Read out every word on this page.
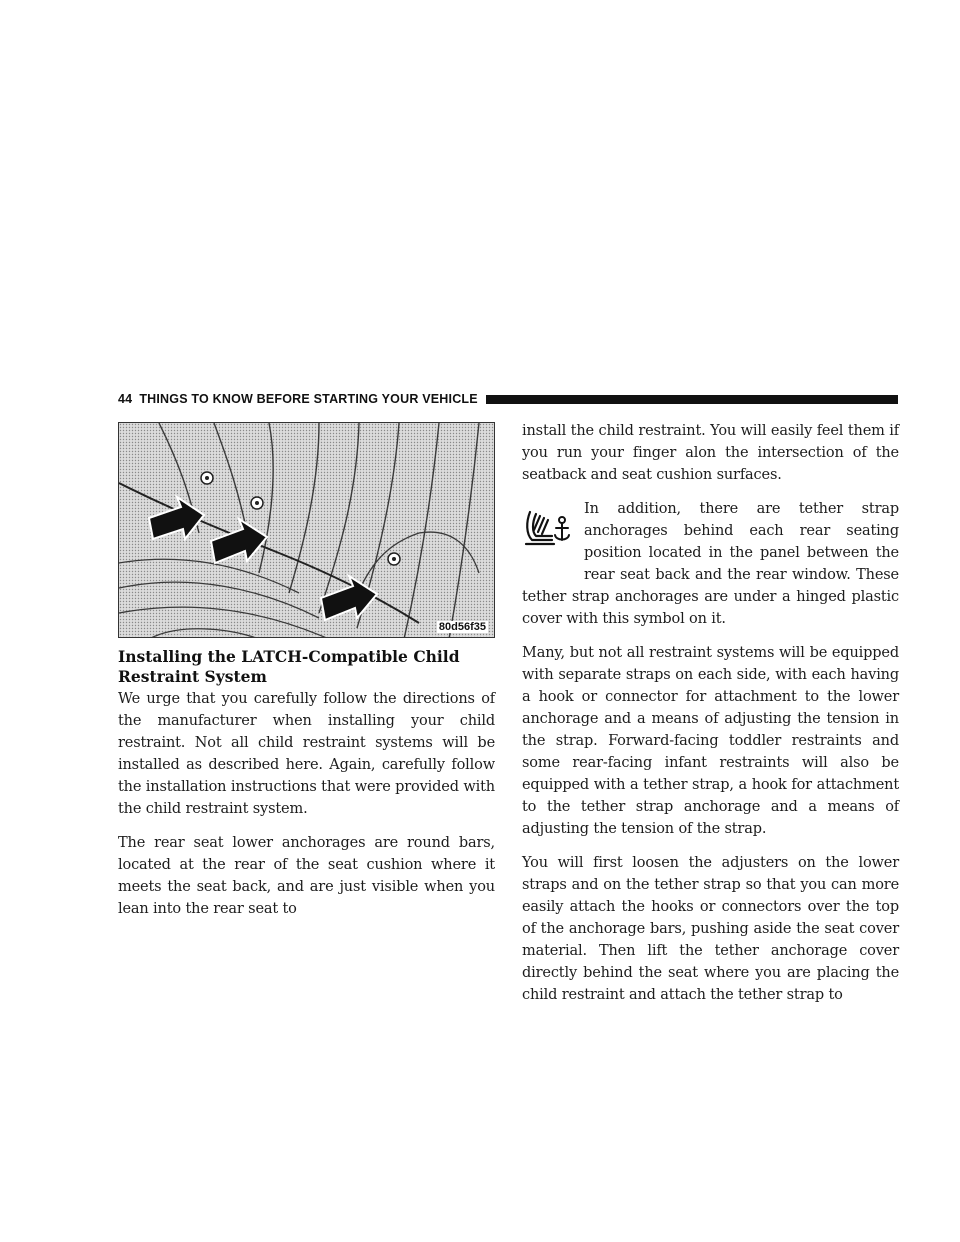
44 THINGS TO KNOW BEFORE STARTING YOUR VEHICLE
80d56f35
Installing the LATCH-Compatible Child Restraint System

We urge that you carefully follow the directions of the manufacturer when installing your child restraint. Not all child restraint systems will be installed as described here. Again, carefully follow the installation instructions that were provided with the child restraint system.

The rear seat lower anchorages are round bars, located at the rear of the seat cushion where it meets the seat back, and are just visible when you lean into the rear seat to

install the child restraint. You will easily feel them if you run your finger alon the intersection of the seatback and seat cushion surfaces.

In addition, there are tether strap anchorages behind each rear seating position located in the panel between the rear seat back and the rear window. These tether strap anchorages are under a hinged plastic cover with this symbol on it.

Many, but not all restraint systems will be equipped with separate straps on each side, with each having a hook or connector for attachment to the lower anchorage and a means of adjusting the tension in the strap. Forward-facing toddler restraints and some rear-facing infant restraints will also be equipped with a tether strap, a hook for attachment to the tether strap anchorage and a means of adjusting the tension of the strap.

You will first loosen the adjusters on the lower straps and on the tether strap so that you can more easily attach the hooks or connectors over the top of the anchorage bars, pushing aside the seat cover material. Then lift the tether anchorage cover directly behind the seat where you are placing the child restraint and attach the tether strap to
